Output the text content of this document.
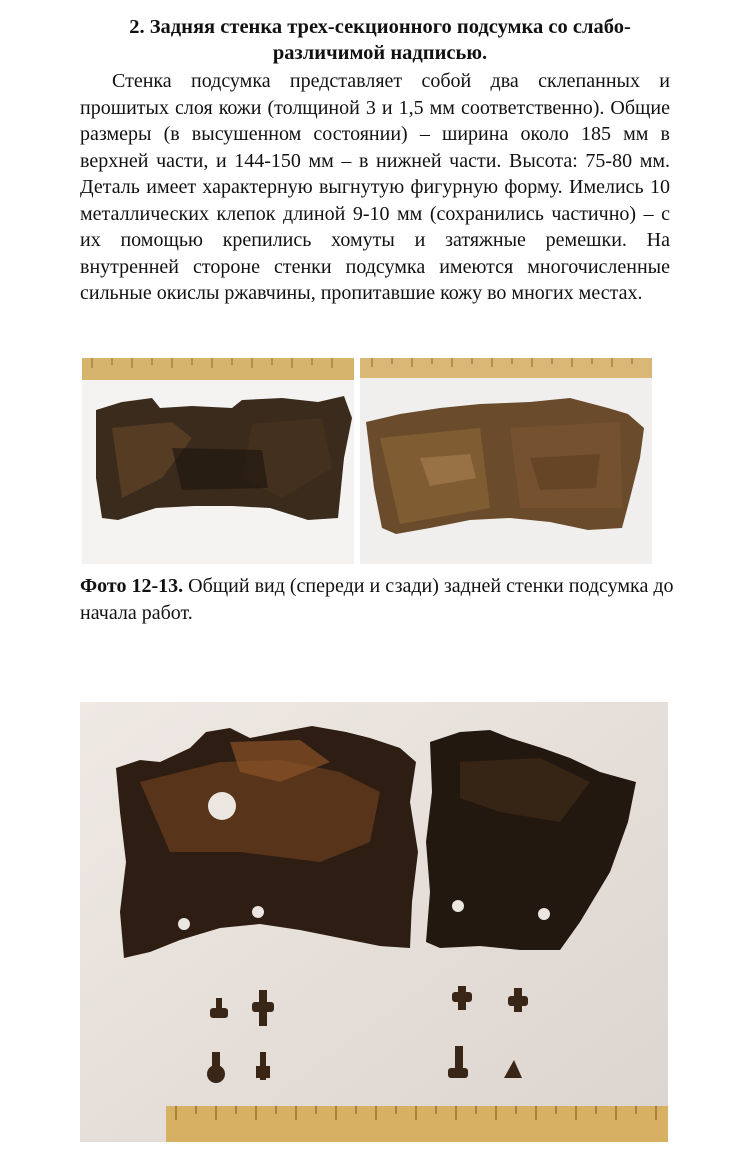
2. Задняя стенка трех-секционного подсумка со слабо-
различимой надписью.

Стенка подсумка представляет собой два склепанных и прошитых слоя кожи (толщиной 3 и 1,5 мм соответственно). Общие размеры (в высушенном состоянии) – ширина около 185 мм в верхней части, и 144-150 мм – в нижней части. Высота: 75-80 мм. Деталь имеет характерную выгнутую фигурную форму. Имелись 10 металлических клепок длиной 9-10 мм (сохранились частично) – с их помощью крепились хомуты и затяжные ремешки. На внутренней стороне стенки подсумка имеются многочисленные сильные окислы ржавчины, пропитавшие кожу во многих местах.

Фото 12-13. Общий вид (спереди и сзади) задней стенки подсумка до начала работ.
